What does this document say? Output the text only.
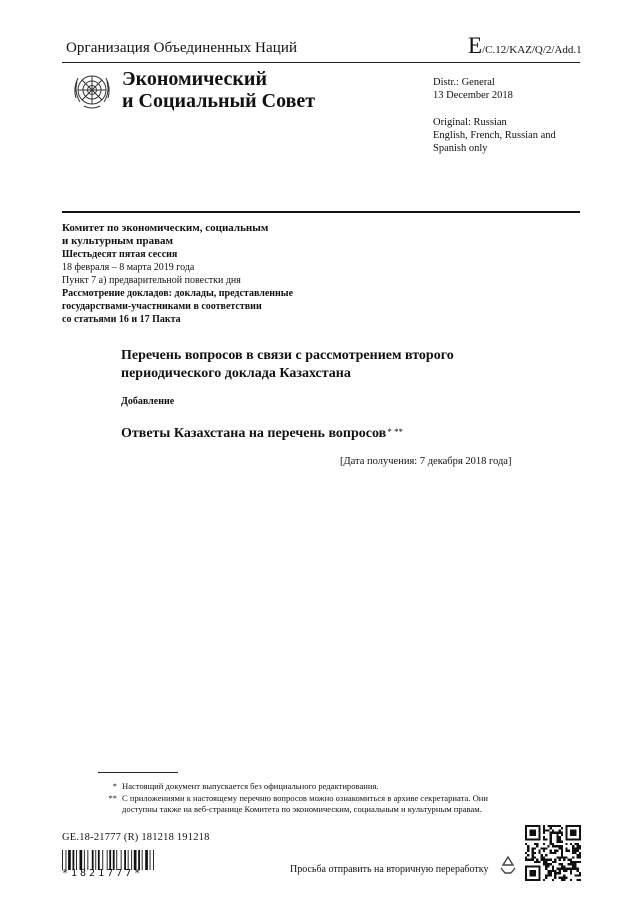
Организация Объединенных Наций	E/C.12/KAZ/Q/2/Add.1
Экономический
и Социальный Совет
Distr.: General
13 December 2018
Original: Russian
English, French, Russian and
Spanish only
Комитет по экономическим, социальным
и культурным правам
Шестьдесят пятая сессия
18 февраля – 8 марта 2019 года
Пункт 7 a) предварительной повестки дня
Рассмотрение докладов: доклады, представленные
государствами-участниками в соответствии
со статьями 16 и 17 Пакта
Перечень вопросов в связи с рассмотрением второго
периодического доклада Казахстана
Добавление
Ответы Казахстана на перечень вопросов* **
[Дата получения: 7 декабря 2018 года]
* Настоящий документ выпускается без официального редактирования.
** С приложениями к настоящему перечню вопросов можно ознакомиться в архиве секретариата. Они доступны также на веб-странице Комитета по экономическим, социальным и культурным правам.
GE.18-21777 (R) 181218 191218
*1821777*	Просьба отправить на вторичную переработку
